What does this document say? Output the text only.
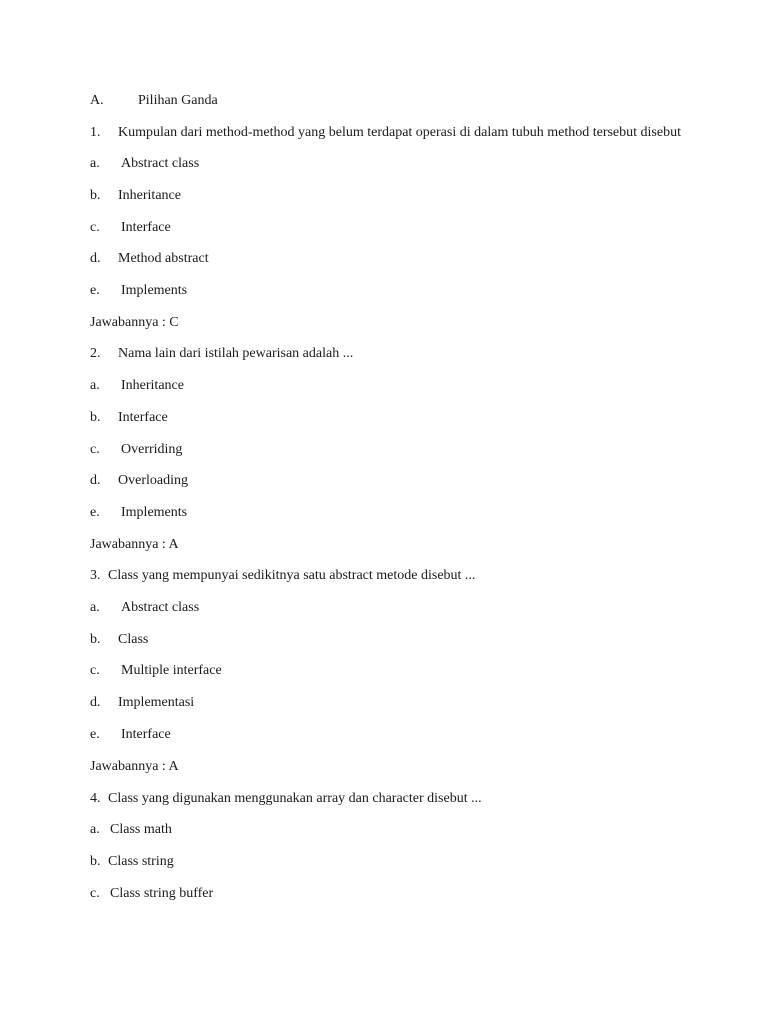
A. Pilihan Ganda
1. Kumpulan dari method-method yang belum terdapat operasi di dalam tubuh method tersebut disebut
a. Abstract class
b. Inheritance
c. Interface
d. Method abstract
e. Implements
Jawabannya : C
2. Nama lain dari istilah pewarisan adalah ...
a. Inheritance
b. Interface
c. Overriding
d. Overloading
e. Implements
Jawabannya : A
3. Class yang mempunyai sedikitnya satu abstract metode disebut ...
a. Abstract class
b. Class
c. Multiple interface
d. Implementasi
e. Interface
Jawabannya : A
4. Class yang digunakan menggunakan array dan character disebut ...
a. Class math
b. Class string
c. Class string buffer
